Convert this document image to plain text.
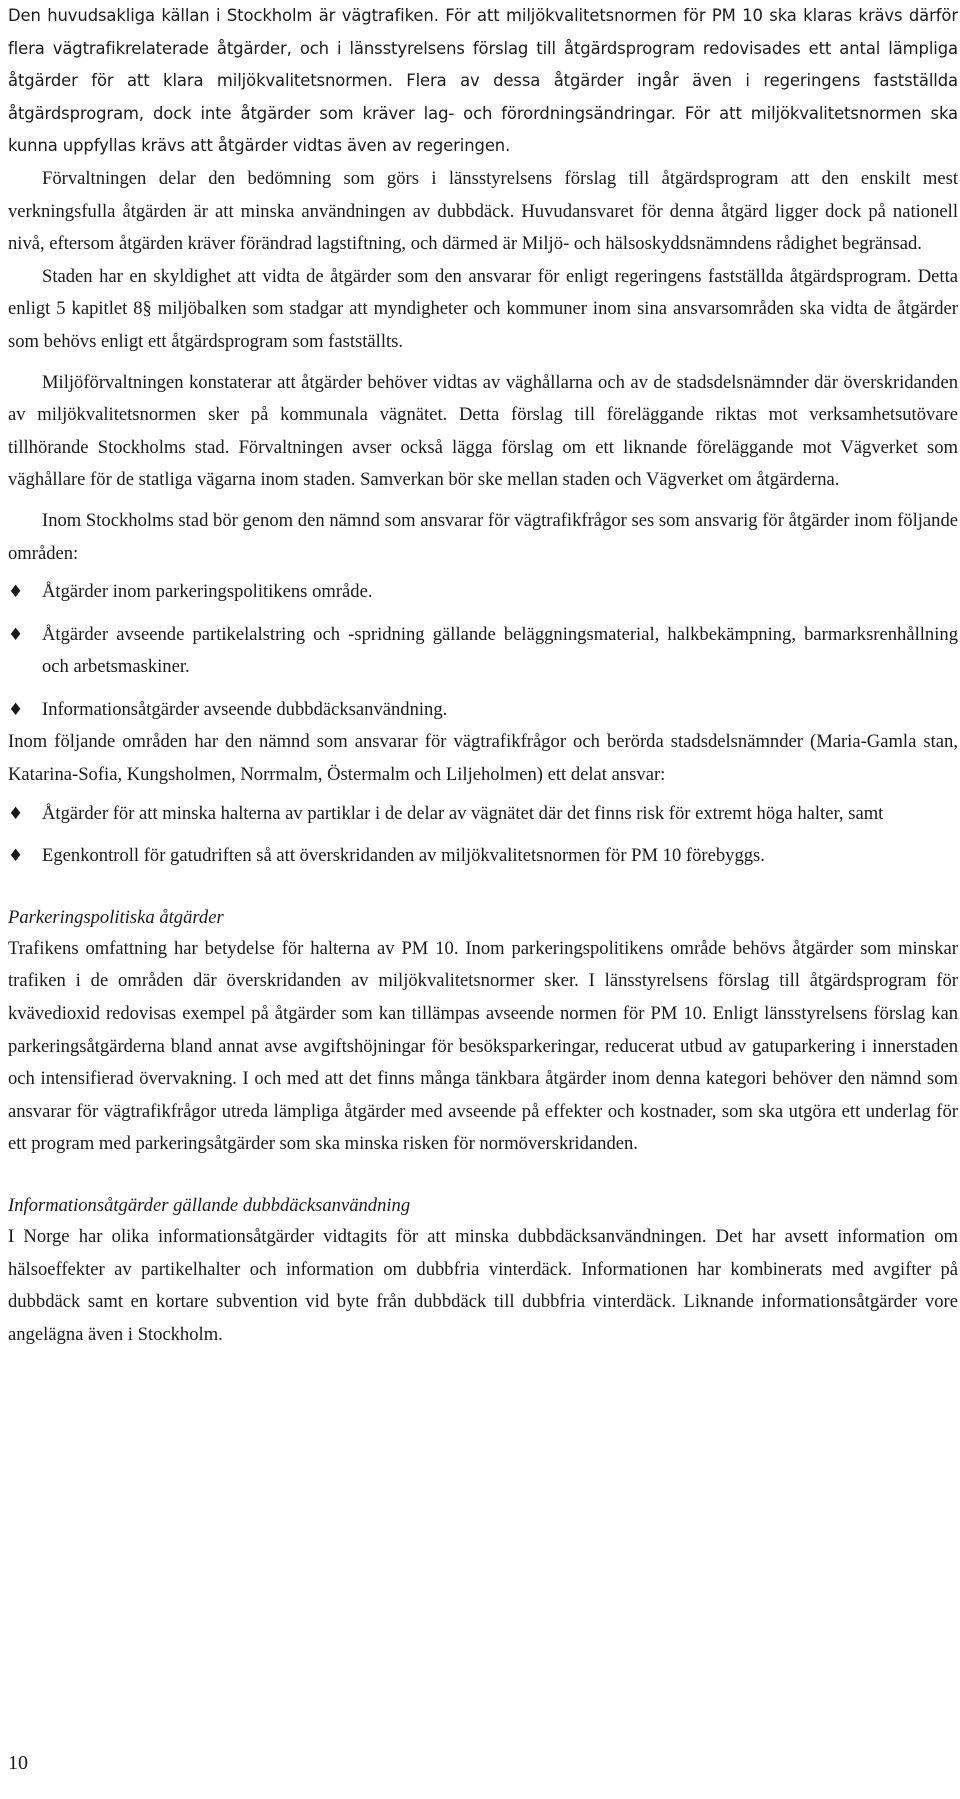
Den huvudsakliga källan i Stockholm är vägtrafiken. För att miljökvalitetsnormen för PM 10 ska klaras krävs därför flera vägtrafikrelaterade åtgärder, och i länsstyrelsens förslag till åtgärdsprogram redovisades ett antal lämpliga åtgärder för att klara miljökvalitetsnormen. Flera av dessa åtgärder ingår även i regeringens fastställda åtgärdsprogram, dock inte åtgärder som kräver lag- och förordningsändringar. För att miljökvalitetsnormen ska kunna uppfyllas krävs att åtgärder vidtas även av regeringen.

Förvaltningen delar den bedömning som görs i länsstyrelsens förslag till åtgärdsprogram att den enskilt mest verkningsfulla åtgärden är att minska användningen av dubbdäck. Huvudansvaret för denna åtgärd ligger dock på nationell nivå, eftersom åtgärden kräver förändrad lagstiftning, och därmed är Miljö- och hälsoskyddsnämndens rådighet begränsad.

Staden har en skyldighet att vidta de åtgärder som den ansvarar för enligt regeringens fastställda åtgärdsprogram. Detta enligt 5 kapitlet 8§ miljöbalken som stadgar att myndigheter och kommuner inom sina ansvarsområden ska vidta de åtgärder som behövs enligt ett åtgärdsprogram som fastställts.

Miljöförvaltningen konstaterar att åtgärder behöver vidtas av väghållarna och av de stadsdelsnämnder där överskridanden av miljökvalitetsnormen sker på kommunala vägnätet. Detta förslag till föreläggande riktas mot verksamhetsutövare tillhörande Stockholms stad. Förvaltningen avser också lägga förslag om ett liknande föreläggande mot Vägverket som väghållare för de statliga vägarna inom staden. Samverkan bör ske mellan staden och Vägverket om åtgärderna.

Inom Stockholms stad bör genom den nämnd som ansvarar för vägtrafikfrågor ses som ansvarig för åtgärder inom följande områden:

♦ Åtgärder inom parkeringspolitikens område.
♦ Åtgärder avseende partikelalstring och -spridning gällande beläggningsmaterial, halkbekämpning, barmarksrenhållning och arbetsmaskiner.
♦ Informationsåtgärder avseende dubbdäcksanvändning.

Inom följande områden har den nämnd som ansvarar för vägtrafikfrågor och berörda stadsdelsnämnder (Maria-Gamla stan, Katarina-Sofia, Kungsholmen, Norrmalm, Östermalm och Liljeholmen) ett delat ansvar:

♦ Åtgärder för att minska halterna av partiklar i de delar av vägnätet där det finns risk för extremt höga halter, samt
♦ Egenkontroll för gatudriften så att överskridanden av miljökvalitetsnormen för PM 10 förebyggs.
Parkeringspolitiska åtgärder

Trafikens omfattning har betydelse för halterna av PM 10. Inom parkeringspolitikens område behövs åtgärder som minskar trafiken i de områden där överskridanden av miljökvalitetsnormer sker. I länsstyrelsens förslag till åtgärdsprogram för kvävedioxid redovisas exempel på åtgärder som kan tillämpas avseende normen för PM 10. Enligt länsstyrelsens förslag kan parkeringsåtgärderna bland annat avse avgiftshöjningar för besöksparkeringar, reducerat utbud av gatuparkering i innerstaden och intensifierad övervakning. I och med att det finns många tänkbara åtgärder inom denna kategori behöver den nämnd som ansvarar för vägtrafikfrågor utreda lämpliga åtgärder med avseende på effekter och kostnader, som ska utgöra ett underlag för ett program med parkeringsåtgärder som ska minska risken för normöverskridanden.

Informationsåtgärder gällande dubbdäcksanvändning

I Norge har olika informationsåtgärder vidtagits för att minska dubbdäcksanvändningen. Det har avsett information om hälsoeffekter av partikelhalter och information om dubbfria vinterdäck. Informationen har kombinerats med avgifter på dubbdäck samt en kortare subvention vid byte från dubbdäck till dubbfria vinterdäck. Liknande informationsåtgärder vore angelägna även i Stockholm.

10
